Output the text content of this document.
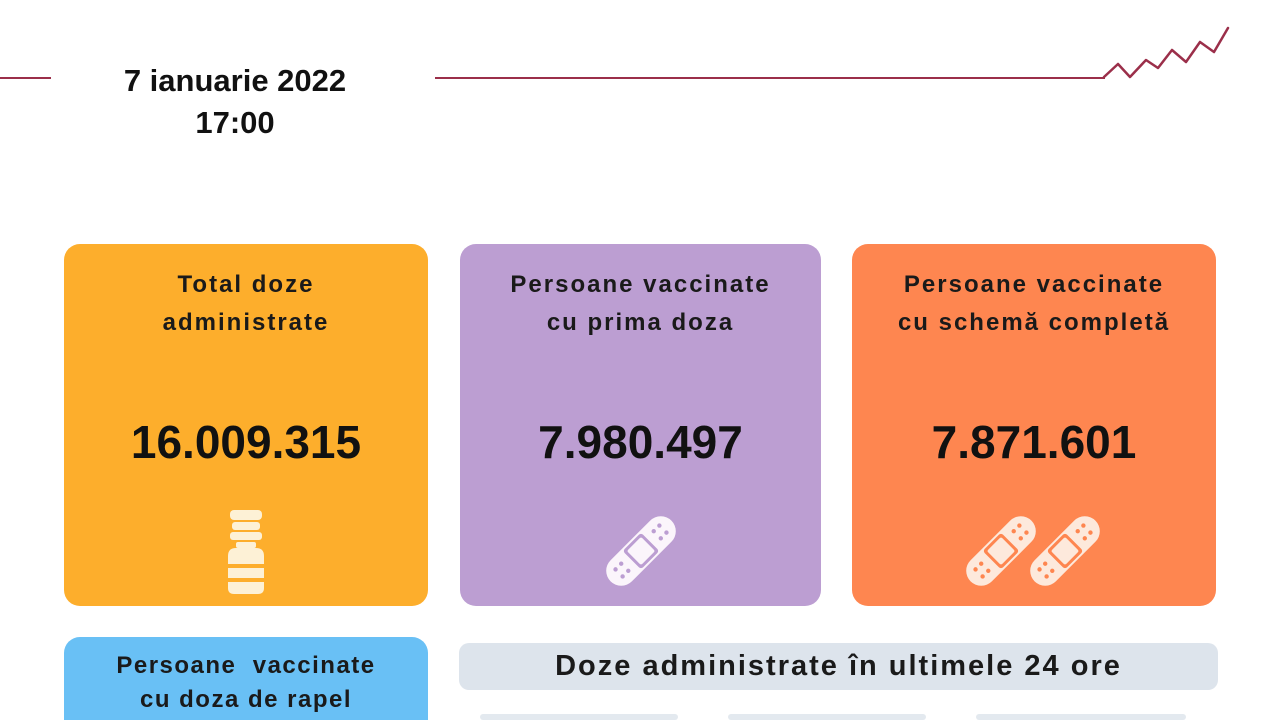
7 ianuarie 2022
17:00
Total doze
administrate
16.009.315
Persoane vaccinate
cu prima doza
7.980.497
Persoane vaccinate
cu schemă completă
7.871.601
Persoane  vaccinate
cu doza de rapel
Doze administrate în ultimele 24 ore
